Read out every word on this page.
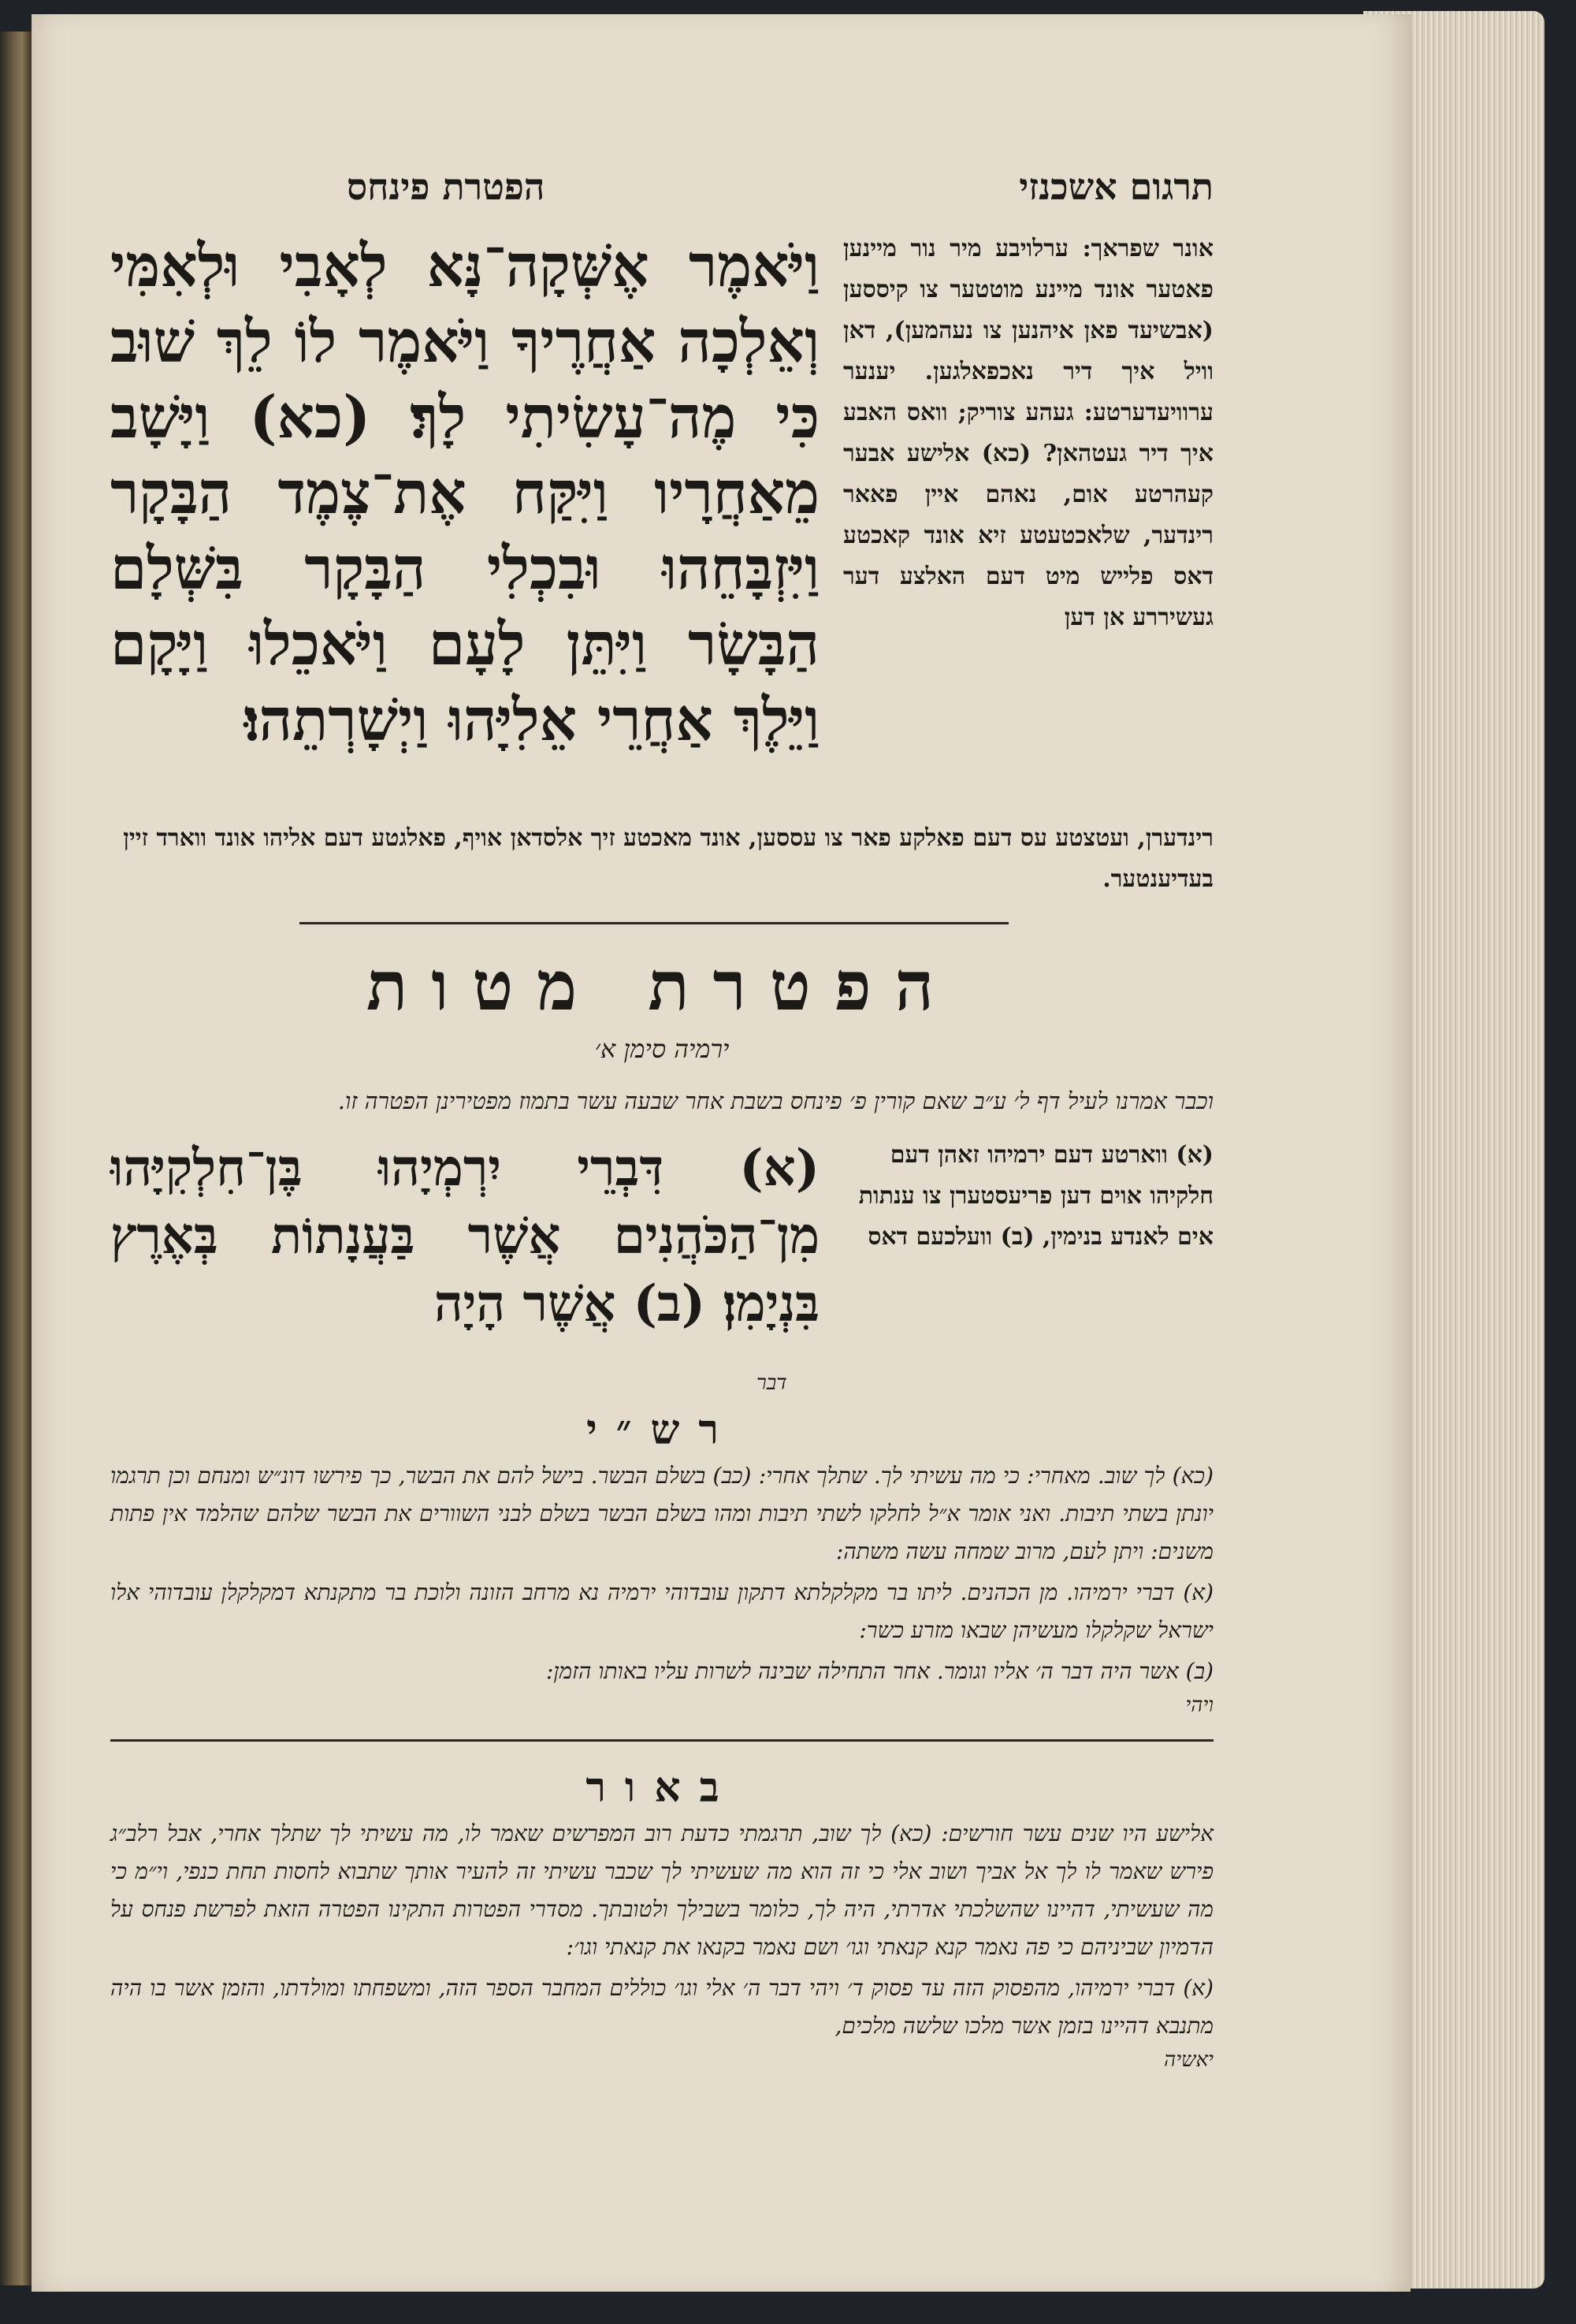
תרגום אשכנזי
הפטרת פינחס
אונר שפראך: ערלויבע מיר נור מיינען פאטער אונד מיינע מוטטער צו קיססען (אבשיעד פאן איהנען צו נעהמען), דאן וויל איך דיר נאכפאלגען. יענער ערוויעדערטע: געהע צוריק; וואס האבע איך דיר געטהאן? (כא) אלישע אבער קעהרטע אום, נאהם איין פאאר רינדער, שלאכטעטע זיא אונד קאכטע דאס פלייש מיט דעם האלצע דער געשיררע אן דען
וַיֹּאמֶר אֶשְּׁקָה־נָּא לְאָבִי וּלְאִמִּי וְאֵלְכָה אַחֲרֶיךָ וַיֹּאמֶר לוֹ לֵךְ שׁוּב כִּי מֶה־עָשִׂיתִי לָךְ׃ (כא) וַיָּשָׁב מֵאַחֲרָיו וַיִּקַּח אֶת־צֶמֶד הַבָּקָר וַיִּזְבָּחֵהוּ וּבִכְלִי הַבָּקָר בִּשְּׁלָם הַבָּשָׂר וַיִּתֵּן לָעָם וַיֹּאכֵלוּ וַיָּקָם וַיֵּלֶךְ אַחֲרֵי אֵלִיָּהוּ וַיְשָׁרְתֵהוּ׃
רינדערן, ועטצטע עס דעם פאלקע פאר צו עססען, אונד מאכטע זיך אלסדאן אויף, פאלגטע דעם אליהו אונד ווארד זיין בעדיענטער.
הפטרת מטות
ירמיה סימן א׳
וכבר אמרנו לעיל דף ל׳ ע״ב שאם קורין פ׳ פינחס בשבת אחר שבעה עשר בתמוז מפטירינן הפטרה זו.
(א) ווארטע דעם ירמיהו זאהן דעם חלקיהו אוים דען פריעסטערן צו ענתות אים לאנדע בנימין, (ב) וועלכעם דאס
(א) דִּבְרֵי יִרְמְיָהוּ בֶּן־חִלְקִיָּהוּ מִן־הַכֹּהֲנִים אֲשֶׁר בַּעֲנָתוֹת בְּאֶרֶץ בִּנְיָמִן׃ (ב) אֲשֶׁר הָיָה
דבר
רש״י

(כא) לך שוב. מאחרי: כי מה עשיתי לך. שתלך אחרי: (כב) בשלם הבשר. בישל להם את הבשר, כך פירשו דונ״ש ומנחם וכן תרגמו יונתן בשתי תיבות. ואני אומר א״ל לחלקו לשתי תיבות ומהו בשלם הבשר בשלם לבני השוורים את הבשר שלהם שהלמד אין פתות משנים: ויתן לעם, מרוב שמחה עשה משתה:

(א) דברי ירמיהו. מן הכהנים. ליתו בר מקלקלתא דתקון עובדוהי ירמיה נא מרחב הזונה ולוכת בר מתקנתא דמקלקלן עובדוהי אלו ישראל שקלקלו מעשיהן שבאו מזרע כשר:

(ב) אשר היה דבר ה׳ אליו וגומר. אחר התחילה שבינה לשרות עליו באותו הזמן:

ויהי
באור

אלישע היו שנים עשר חורשים: (כא) לך שוב, תרגמתי כדעת רוב המפרשים שאמר לו, מה עשיתי לך שתלך אחרי, אבל רלב״ג פירש שאמר לו לך אל אביך ושוב אלי כי זה הוא מה שעשיתי לך שכבר עשיתי זה להעיר אותך שתבוא לחסות תחת כנפי, וי״מ כי מה שעשיתי, דהיינו שהשלכתי אדרתי, היה לך, כלומר בשבילך ולטובתך. מסדרי הפטרות התקינו הפטרה הזאת לפרשת פנחס על הדמיון שביניהם כי פה נאמר קנא קנאתי וגו׳ ושם נאמר בקנאו את קנאתי וגו׳:

(א) דברי ירמיהו, מהפסוק הזה עד פסוק ד׳ ויהי דבר ה׳ אלי וגו׳ כוללים המחבר הספר הזה, ומשפחתו ומולדתו, והזמן אשר בו היה מתנבא דהיינו בזמן אשר מלכו שלשה מלכים,

יאשיה
